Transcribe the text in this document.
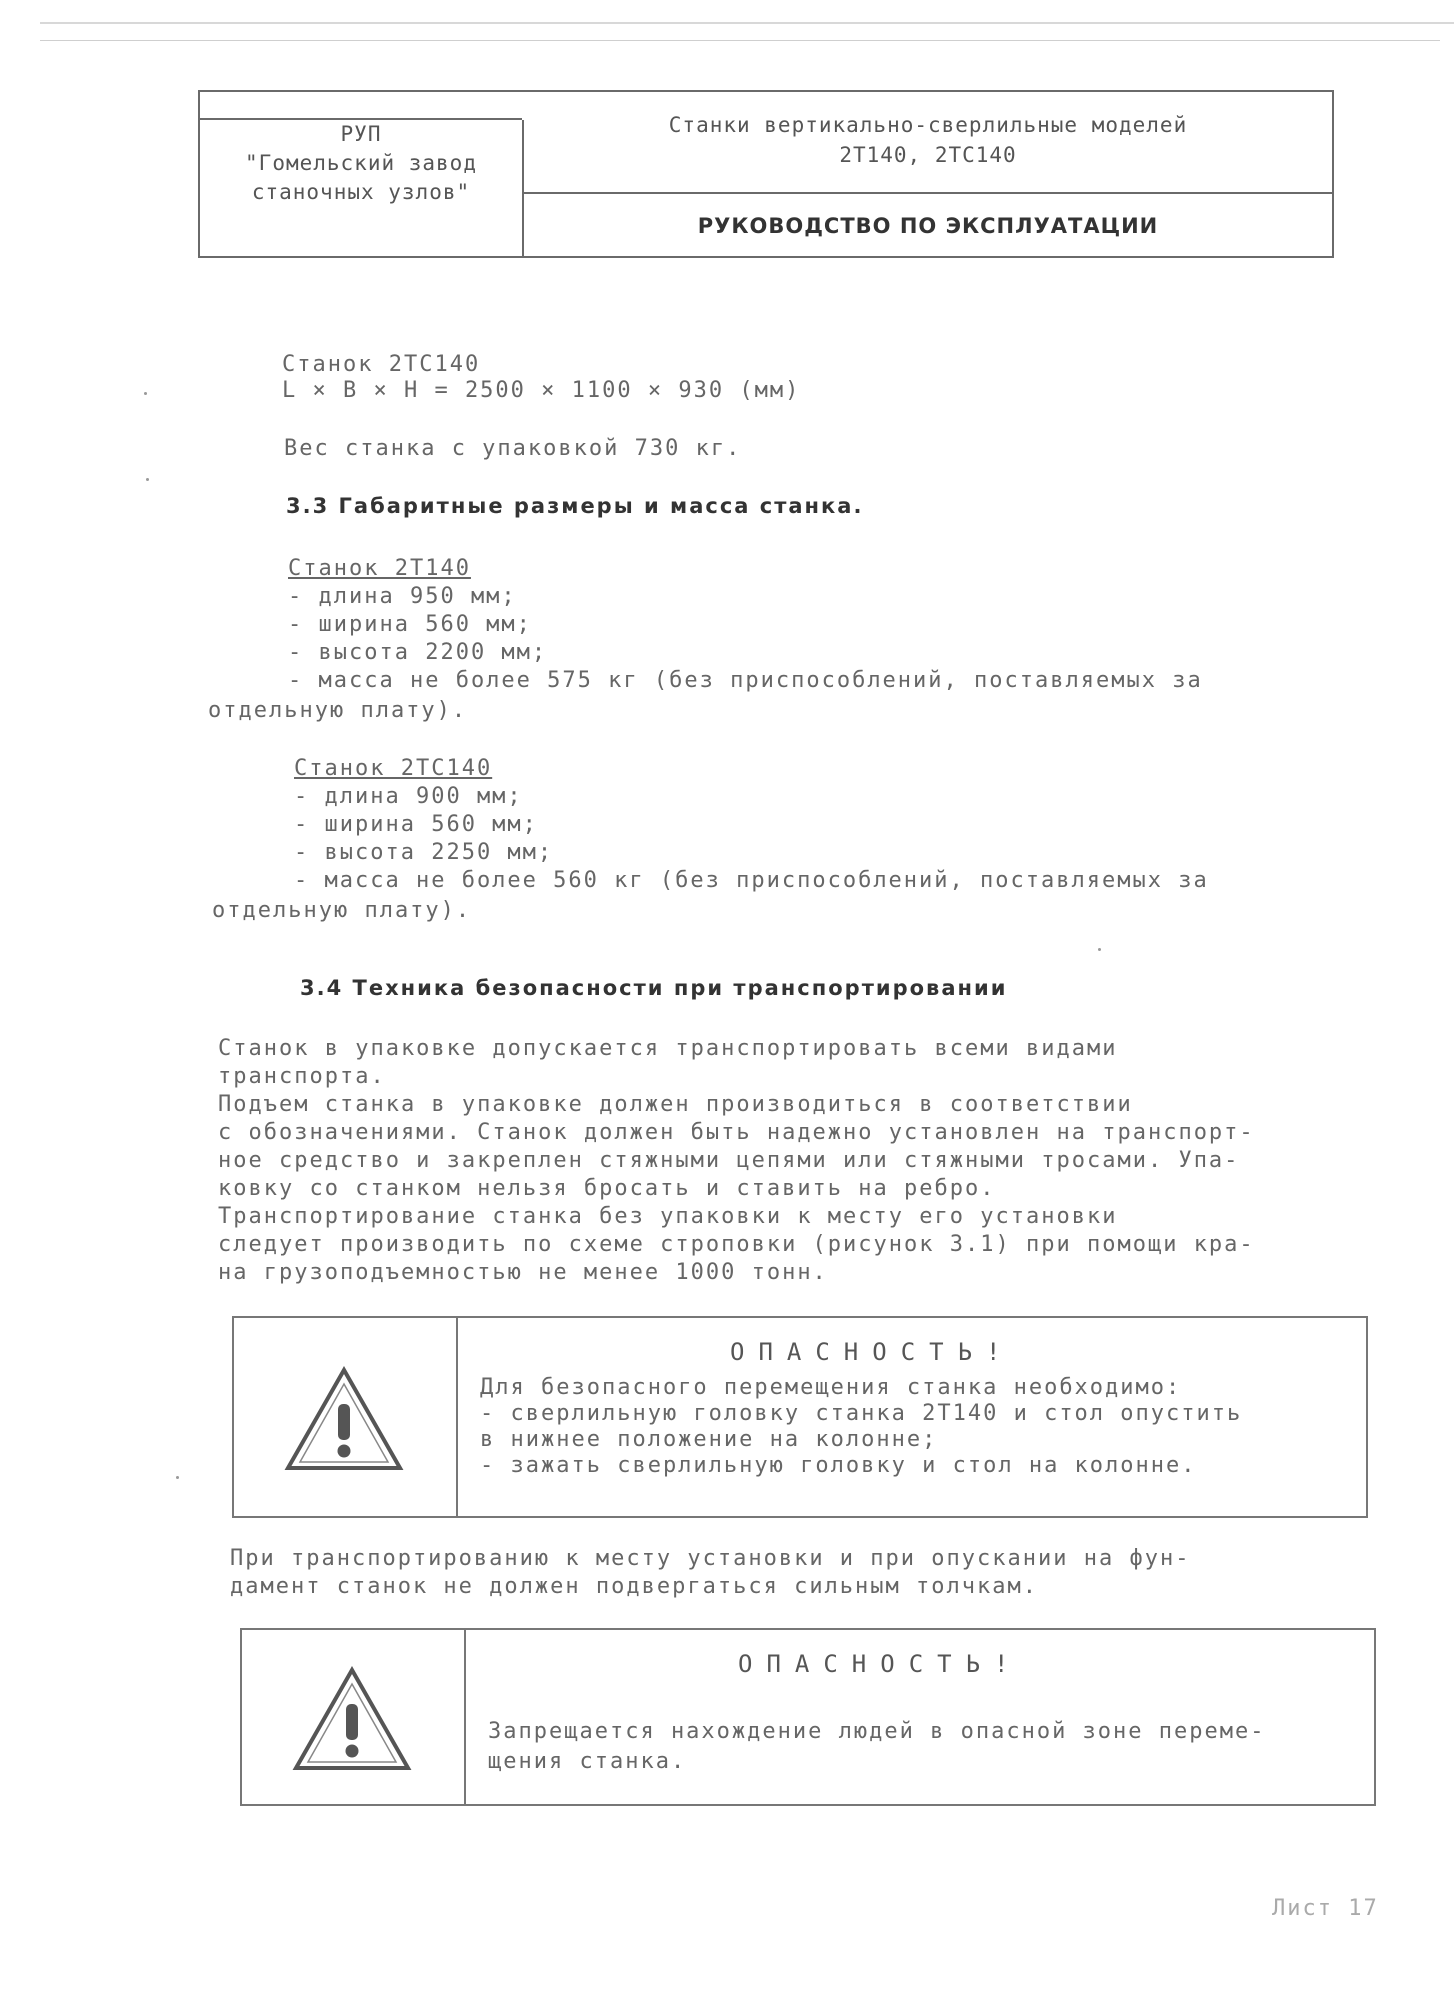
РУП
"Гомельский завод
станочных узлов"
Станки вертикально-сверлильные моделей
2Т140, 2ТС140
РУКОВОДСТВО ПО ЭКСПЛУАТАЦИИ
Станок 2ТС140
L × B × H = 2500 × 1100 × 930 (мм)
Вес станка с упаковкой 730 кг.
3.3 Габаритные размеры и масса станка.
Станок 2Т140
- длина 950 мм;
- ширина 560 мм;
- высота 2200 мм;
- масса не более 575 кг (без приспособлений, поставляемых за
отдельную плату).
Станок 2ТС140
- длина 900 мм;
- ширина 560 мм;
- высота 2250 мм;
- масса не более 560 кг (без приспособлений, поставляемых за
отдельную плату).
3.4 Техника безопасности при транспортировании
Станок в упаковке допускается транспортировать всеми видами
транспорта.
Подъем станка в упаковке должен производиться в соответствии
с обозначениями. Станок должен быть надежно установлен на транспорт-
ное средство и закреплен стяжными цепями или стяжными тросами. Упа-
ковку со станком нельзя бросать и ставить на ребро.
Транспортирование станка без упаковки к месту его установки
следует производить по схеме строповки (рисунок 3.1) при помощи кра-
на грузоподъемностью не менее 1000 тонн.
ОПАСНОСТЬ!
Для безопасного перемещения станка необходимо:
- сверлильную головку станка 2Т140 и стол опустить
в нижнее положение на колонне;
- зажать сверлильную головку и стол на колонне.
При транспортированию к месту установки и при опускании на фун-
дамент станок не должен подвергаться сильным толчкам.
ОПАСНОСТЬ!
Запрещается нахождение людей в опасной зоне переме-
щения станка.
Лист 17
